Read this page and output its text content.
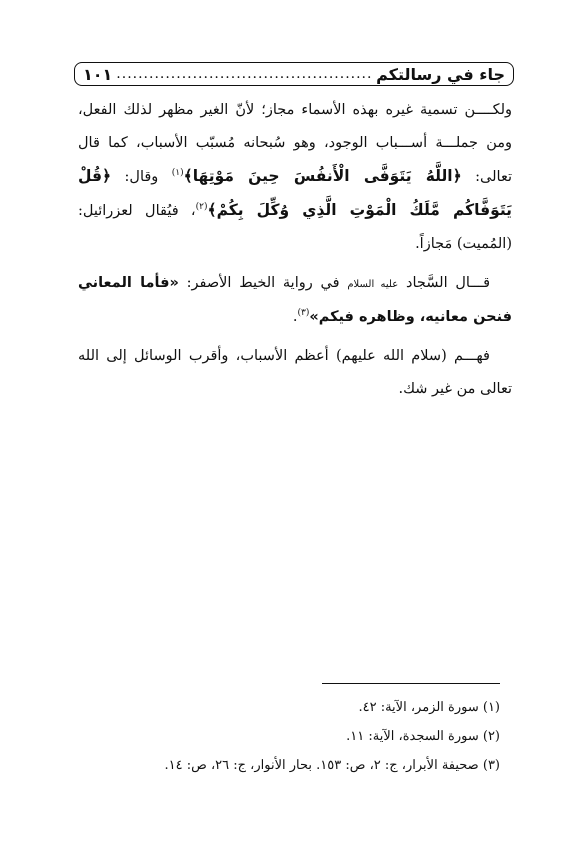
جاء في رسالتكم
...............................................
١٠١

ولكــــن تسمية غيره بهذه الأسماء مجاز؛ لأنّ الغير مظهر لذلك الفعل، ومن جملـــة أســـباب الوجود، وهو سُبحانه مُسبّب الأسباب، كما قال تعالى: ﴿اللَّهُ يَتَوَفَّى الْأَنفُسَ حِينَ مَوْتِهَا﴾$^{(١)}$ وقال: ﴿قُلْ يَتَوَفَّاكُم مَّلَكُ الْمَوْتِ الَّذِي وُكِّلَ بِكُمْ﴾$^{(٢)}$، فيُقال لعزرائيل: (المُميت) مَجازاً.

قـــال السَّجاد عليه السلام في رواية الخيط الأصفر: «فأما المعاني فنحن معانيه، وظاهره فيكم»$^{(٣)}$.

فهـــم (سلام الله عليهم) أعظم الأسباب، وأقرب الوسائل إلى الله تعالى من غير شك.

(١) سورة الزمر، الآية: ٤٢.

(٢) سورة السجدة، الآية: ١١.

(٣) صحيفة الأبرار، ج: ٢، ص: ١٥٣. بحار الأنوار، ج: ٢٦، ص: ١٤.
